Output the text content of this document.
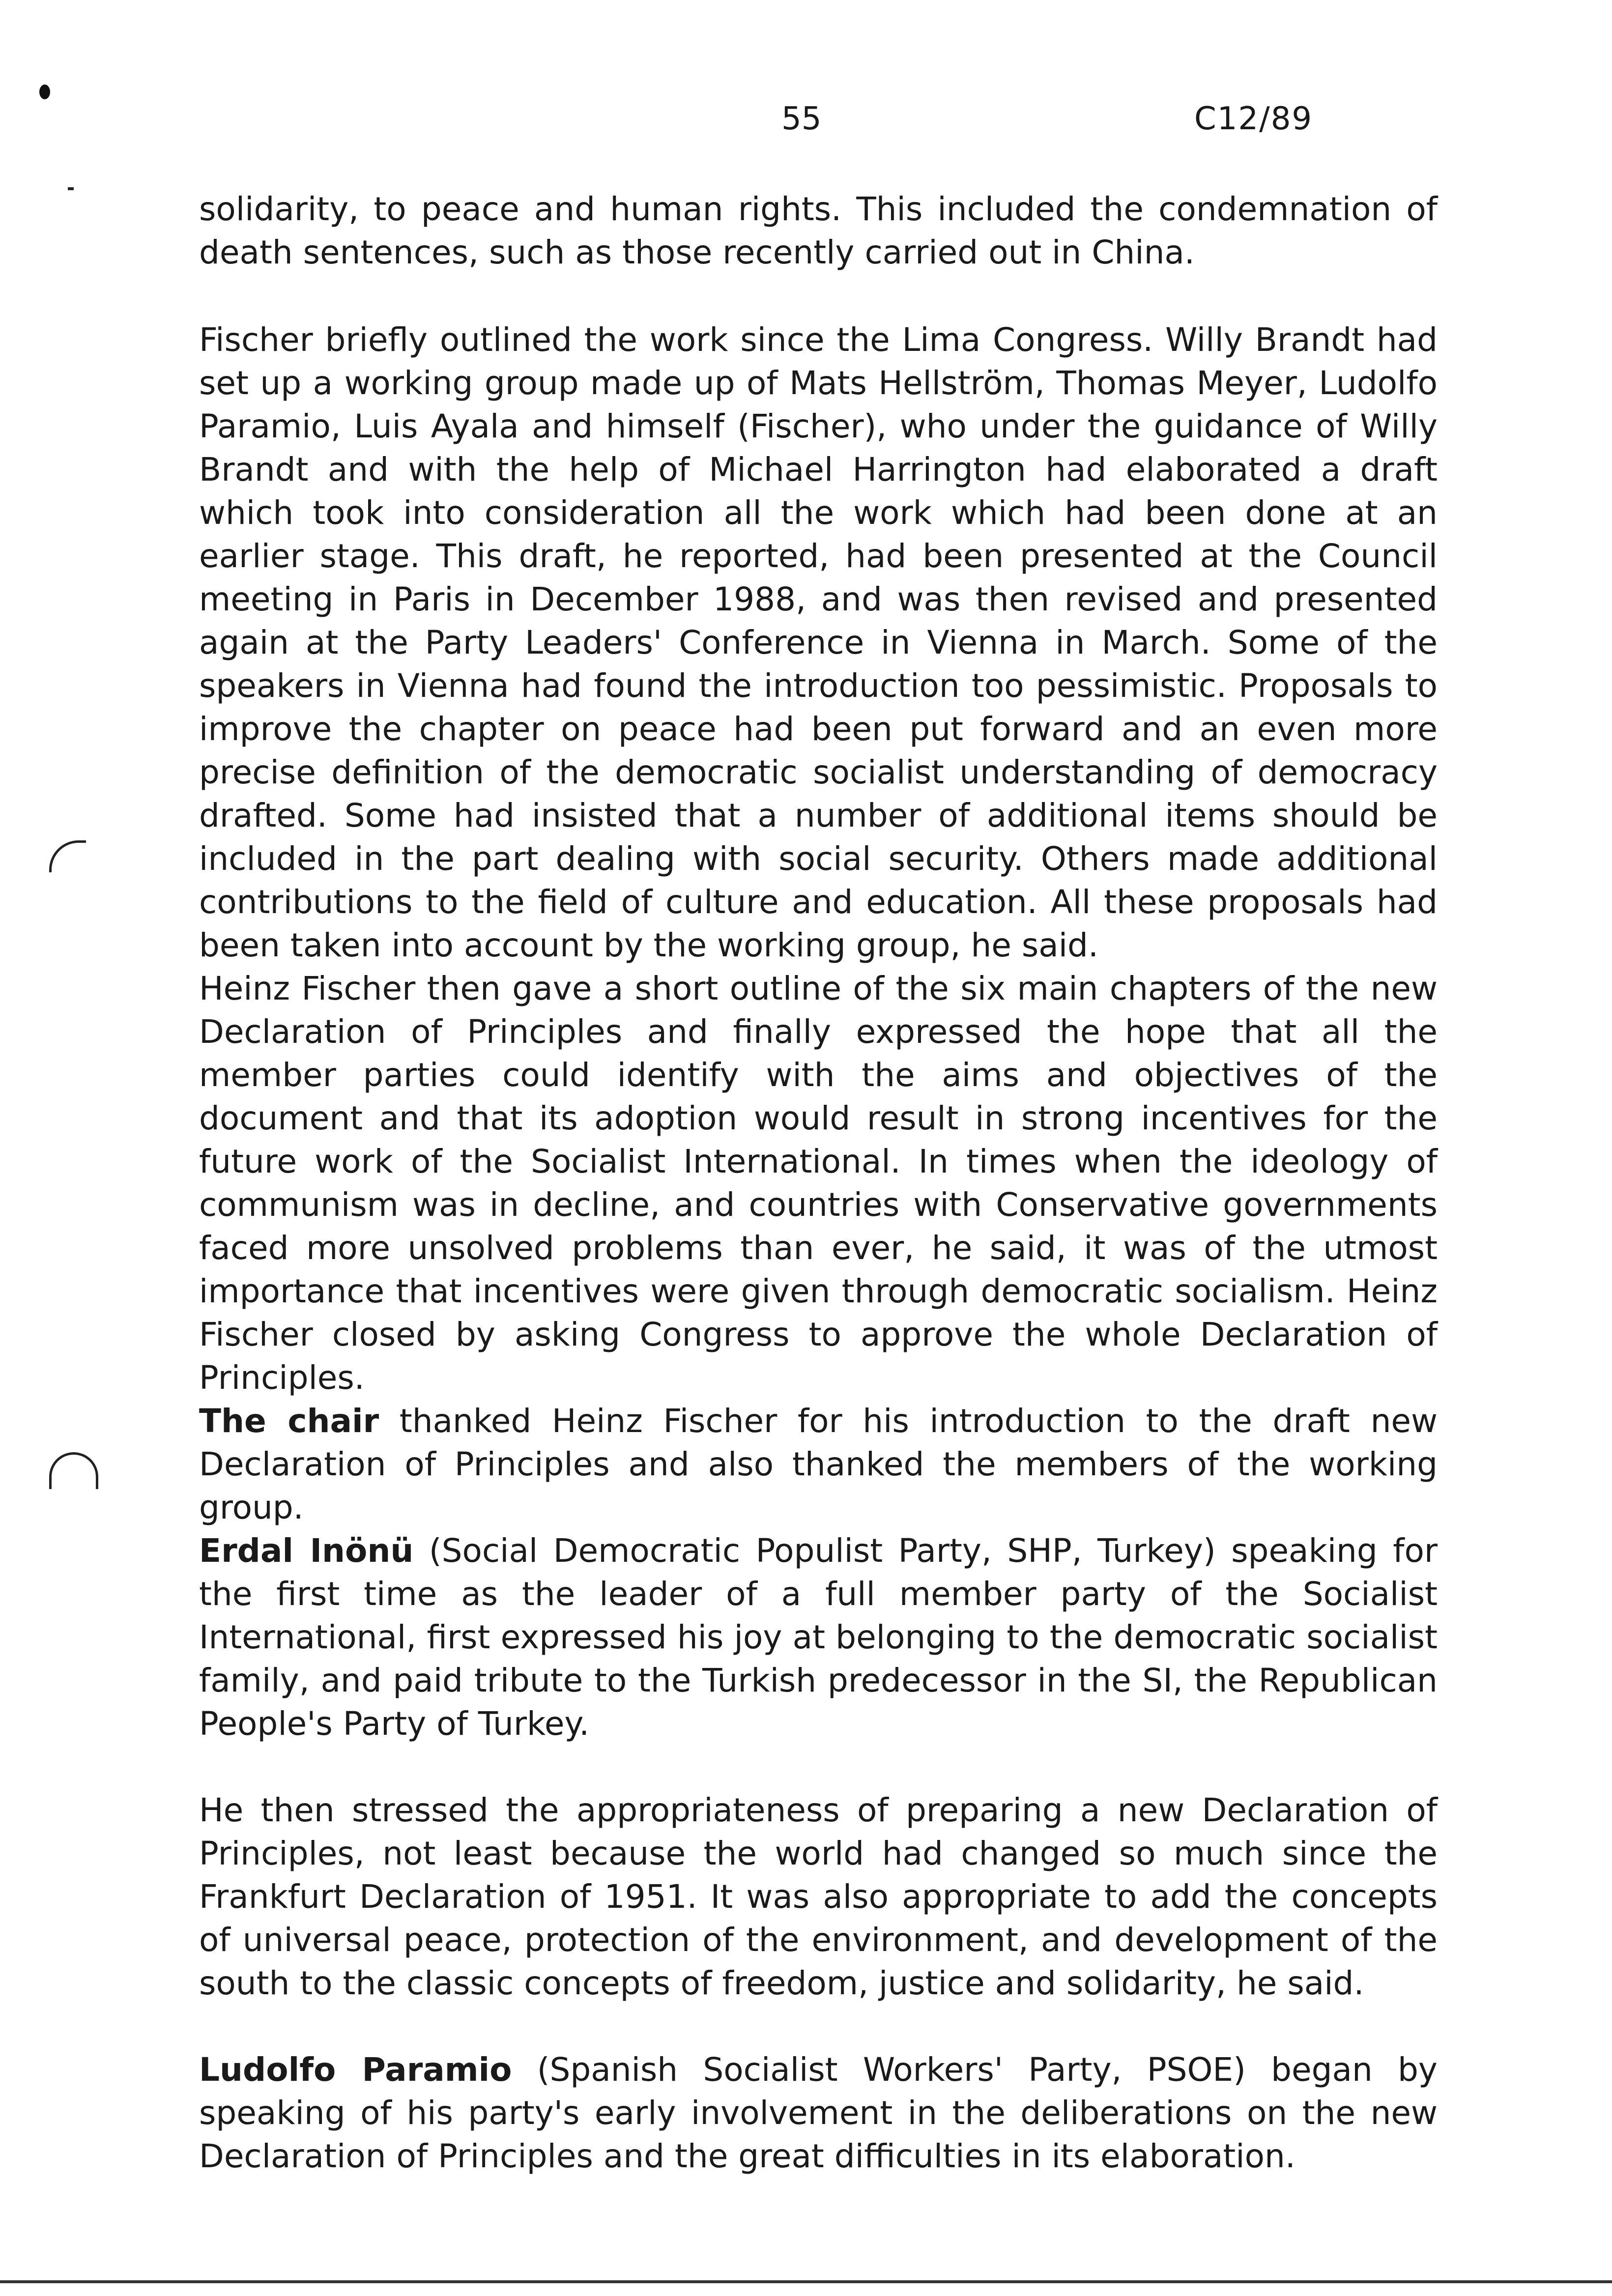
55	C12/89

solidarity, to peace and human rights. This included the condemnation of death sentences, such as those recently carried out in China.

Fischer briefly outlined the work since the Lima Congress. Willy Brandt had set up a working group made up of Mats Hellström, Thomas Meyer, Ludolfo Paramio, Luis Ayala and himself (Fischer), who under the guidance of Willy Brandt and with the help of Michael Harrington had elaborated a draft which took into consideration all the work which had been done at an earlier stage. This draft, he reported, had been presented at the Council meeting in Paris in December 1988, and was then revised and presented again at the Party Leaders' Conference in Vienna in March. Some of the speakers in Vienna had found the introduction too pessimistic. Proposals to improve the chapter on peace had been put forward and an even more precise definition of the democratic socialist understanding of democracy drafted. Some had insisted that a number of additional items should be included in the part dealing with social security. Others made additional contributions to the field of culture and education. All these proposals had been taken into account by the working group, he said.

Heinz Fischer then gave a short outline of the six main chapters of the new Declaration of Principles and finally expressed the hope that all the member parties could identify with the aims and objectives of the document and that its adoption would result in strong incentives for the future work of the Socialist International. In times when the ideology of communism was in decline, and countries with Conservative governments faced more unsolved problems than ever, he said, it was of the utmost importance that incentives were given through democratic socialism. Heinz Fischer closed by asking Congress to approve the whole Declaration of Principles.

The chair thanked Heinz Fischer for his introduction to the draft new Declaration of Principles and also thanked the members of the working group.

Erdal Inönü (Social Democratic Populist Party, SHP, Turkey) speaking for the first time as the leader of a full member party of the Socialist International, first expressed his joy at belonging to the democratic socialist family, and paid tribute to the Turkish predecessor in the SI, the Republican People's Party of Turkey.

He then stressed the appropriateness of preparing a new Declaration of Principles, not least because the world had changed so much since the Frankfurt Declaration of 1951. It was also appropriate to add the concepts of universal peace, protection of the environment, and development of the south to the classic concepts of freedom, justice and solidarity, he said.

Ludolfo Paramio (Spanish Socialist Workers' Party, PSOE) began by speaking of his party's early involvement in the deliberations on the new Declaration of Principles and the great difficulties in its elaboration.
